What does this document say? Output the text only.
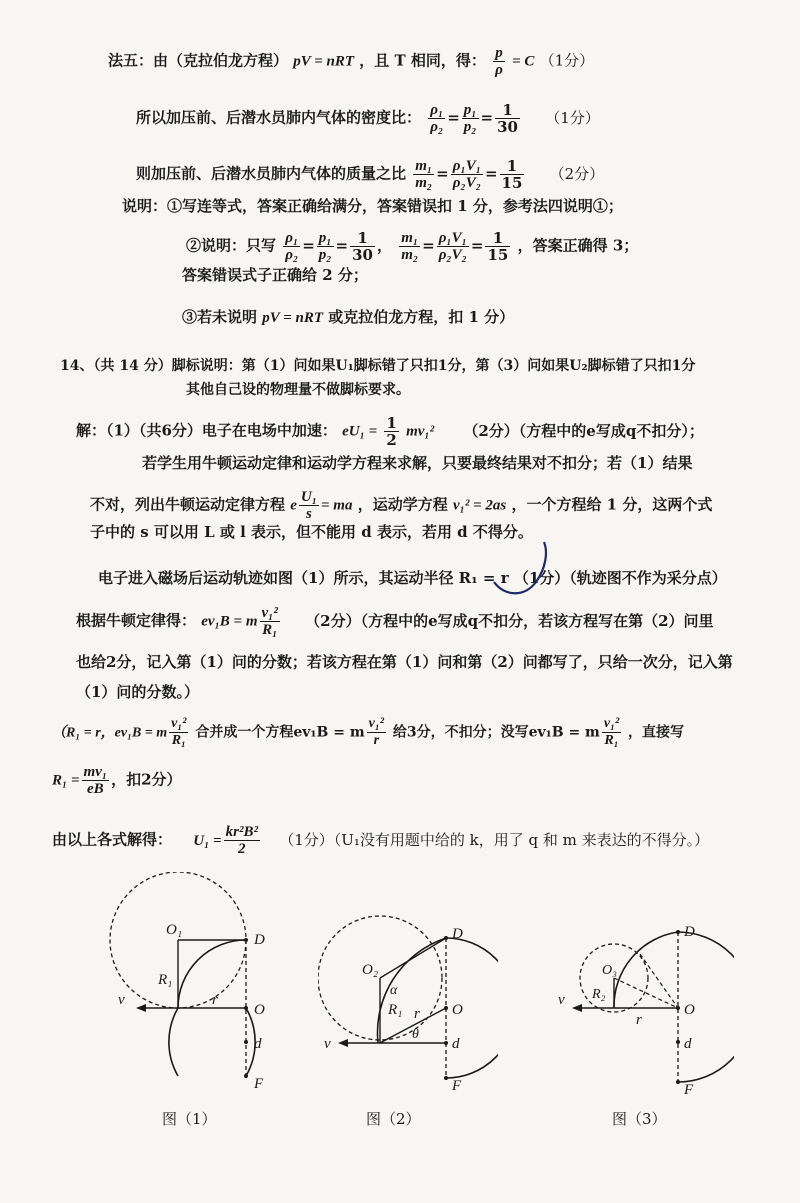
法五：由（克拉伯龙方程） pV = nRT ，且 T 相同，得： $\frac{p}{\rho} = C$ （1分）
所以加压前、后潜水员肺内气体的密度比： $\frac{\text{ρ₁}}{\text{ρ₂}} = \frac{\text{p₁}}{\text{p₂}} = \frac{1}{30} (1$分）
则加压前、后潜水员肺内气体的质量之比 $\frac{\text{m₁}}{\text{m₂}} = \frac{\text{ρ₁V₁}}{\text{ρ₂V₂}} = \frac{1}{15} (2$分）
说明：①写连等式，答案正确给满分，答案错误扣 1 分，参考法四说明①；
②说明：只写 $\frac{\text{ρ₁}}{\text{ρ₂}} = \frac{\text{p₁}}{\text{p₂}} = \frac{1}{30}$ ， $\frac{\text{m₁}}{\text{m₂}} = \frac{\text{ρ₁V₁}}{\text{ρ₂V₂}} = \frac{1}{15}$ ，答案正确得 3；
答案错误式子正确给 2 分；
③若未说明 pV = nRT 或克拉伯龙方程，扣 1 分）
14、（共 14 分）脚标说明：第（1）问如果U₁脚标错了只扣1分，第（3）问如果U₂脚标错了只扣1分
其他自己设的物理量不做脚标要求。
解：（1）（共6分）电子在电场中加速： $eU_1 = \frac{1}{2} mv_1^2$ （2分）（方程中的e写成q不扣分）；
若学生用牛顿运动定律和运动学方程来求解，只要最终结果对不扣分；若（1）结果
不对，列出牛顿运动定律方程 e $\frac{\text{U₁}}{s}$ = ma ，运动学方程 v₁² = 2as ，一个方程给 1 分，这两个式
子中的 s 可以用 L 或 l 表示，但不能用 d 表示，若用 d 不得分。
电子进入磁场后运动轨迹如图（1）所示，其运动半径 R₁ = r （1分）（轨迹图不作为采分点）
根据牛顿定律得： ev₁B = m $\frac{\text{v₁²}}{\text{R₁}} (2$分）（方程中的e写成q不扣分，若该方程写在第（2）问里
也给2分，记入第（1）问的分数；若该方程在第（1）问和第（2）问都写了，只给一次分，记入第
（1）问的分数。）
（R₁ = r，ev₁B = m $\frac{\text{v₁²}}{\text{R₁}}$ 合并成一个方程ev₁B = m $\frac{\text{v₁²}}{r}$ 给3分，不扣分；没写ev₁B = m $\frac{\text{v₁²}}{\text{R₁}}$ ，直接写
$R_1 = \frac{\text{mv₁}}{eB}$ ，扣2分）
由以上各式解得： $U_1 = \frac{\text{kr²B²}}{2} (1$分）（U₁没有用题中给的 k，用了 q 和 m 来表达的不得分。）
O₁
D
R₁
v	r
O
d
F
图（1）
O₂
D
α
R₁ r O
θ
v	d
F
图（2）
O₃
D
R₂
v
r
O
d
F
图（3）
